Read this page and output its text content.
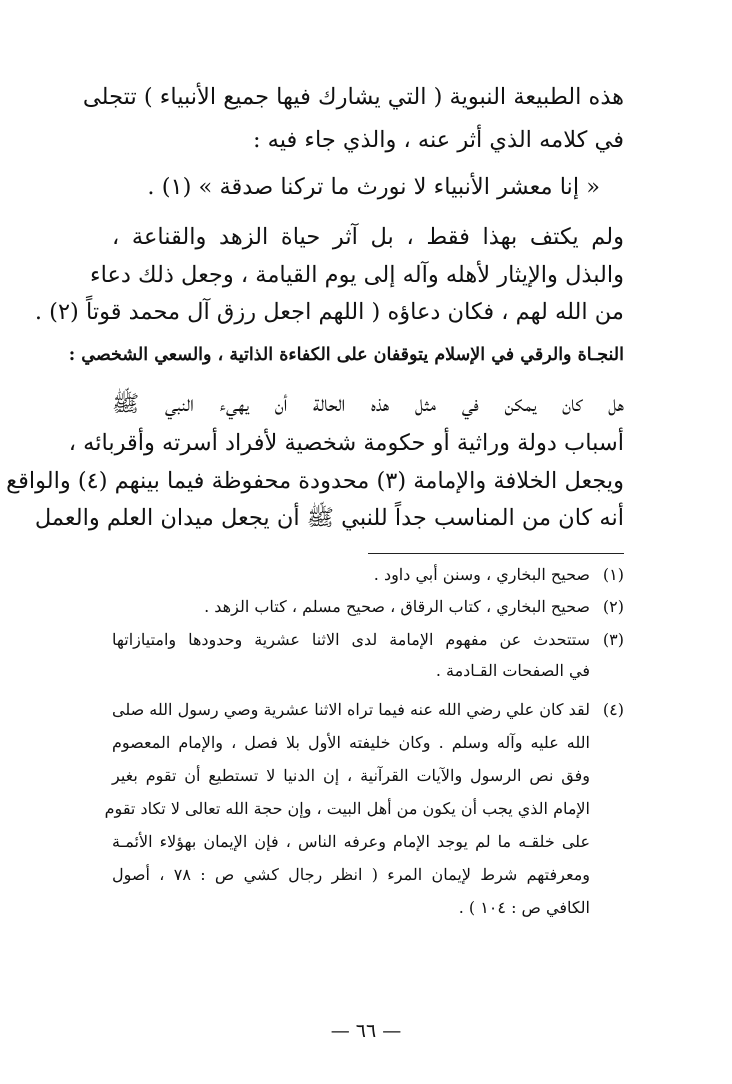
هذه الطبيعة النبوية ( التي يشارك فيها جميع الأنبياء ) تتجلى
في كلامه الذي أثر عنه ، والذي جاء فيه :
« إنا معشر الأنبياء لا نورث ما تركنا صدقة » (١) .
ولم يكتف بهذا فقط ، بل آثر حياة الزهد والقناعة ،
والبذل والإيثار لأهله وآله إلى يوم القيامة ، وجعل ذلك دعاء
من الله لهم ، فكان دعاؤه ( اللهم اجعل رزق آل محمد قوتاً (٢) .
النجـاة والرقي في الإسلام يتوقفان على الكفاءة الذاتية ، والسعي الشخصي :
هل كان يمكن في مثل هذه الحالة أن يهيء النبي ﷺ
أسباب دولة وراثية أو حكومة شخصية لأفراد أسرته وأقربائه ،
ويجعل الخلافة والإمامة (٣) محدودة محفوظة فيما بينهم (٤) والواقع
أنه كان من المناسب جداً للنبي ﷺ أن يجعل ميدان العلم والعمل
(١)
صحيح البخاري ، وسنن أبي داود .
(٢)
صحيح البخاري ، كتاب الرقاق ، صحيح مسلم ، كتاب الزهد .
(٣)
ستتحدث عن مفهوم الإمامة لدى الاثنا عشرية وحدودها وامتيازاتها
في الصفحات القـادمة .
(٤)
لقد كان علي رضي الله عنه فيما تراه الاثنا عشرية وصي رسول الله صلى
الله عليه وآله وسلم . وكان خليفته الأول بلا فصل ، والإمام المعصوم
وفق نص الرسول والآيات القرآنية ، إن الدنيا لا تستطيع أن تقوم بغير
الإمام الذي يجب أن يكون من أهل البيت ، وإن حجة الله تعالى لا تكاد تقوم
على خلقـه ما لم يوجد الإمام وعرفه الناس ، فإن الإيمان بهؤلاء الأئمـة
ومعرفتهم شرط لإيمان المرء ( انظر رجال كشي ص : ٧٨ ، أصول
الكافي ص : ١٠٤ ) .
— ٦٦ —
